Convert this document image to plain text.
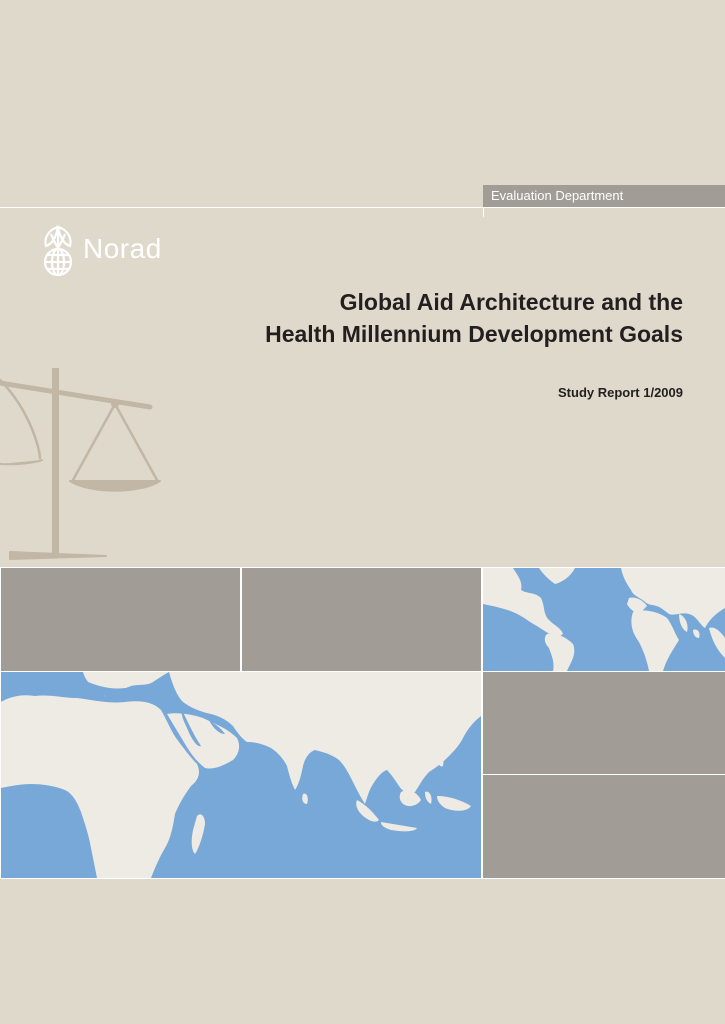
Evaluation Department
Norad
Global Aid Architecture and the
Health Millennium Development Goals
Study Report 1/2009
